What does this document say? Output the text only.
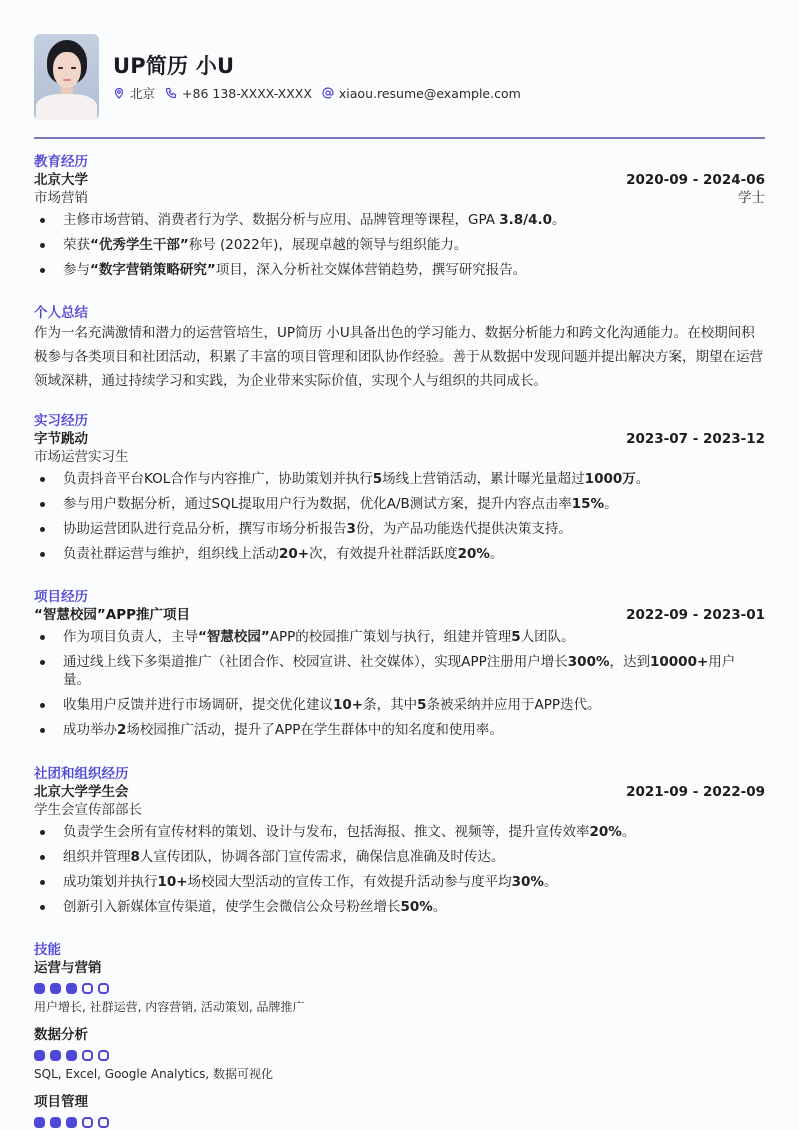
UP简历 小U
北京 +86 138-XXXX-XXXX xiaou.resume@example.com
教育经历
北京大学	2020-09 - 2024-06
市场营销	学士
主修市场营销、消费者行为学、数据分析与应用、品牌管理等课程，GPA 3.8/4.0。
荣获“优秀学生干部”称号 (2022年)，展现卓越的领导与组织能力。
参与“数字营销策略研究”项目，深入分析社交媒体营销趋势，撰写研究报告。
个人总结
作为一名充满激情和潜力的运营管培生，UP简历 小U具备出色的学习能力、数据分析能力和跨文化沟通能力。在校期间积极参与各类项目和社团活动，积累了丰富的项目管理和团队协作经验。善于从数据中发现问题并提出解决方案，期望在运营领域深耕，通过持续学习和实践，为企业带来实际价值，实现个人与组织的共同成长。
实习经历
字节跳动	2023-07 - 2023-12
市场运营实习生
负责抖音平台KOL合作与内容推广，协助策划并执行5场线上营销活动，累计曝光量超过1000万。
参与用户数据分析，通过SQL提取用户行为数据，优化A/B测试方案，提升内容点击率15%。
协助运营团队进行竞品分析，撰写市场分析报告3份，为产品功能迭代提供决策支持。
负责社群运营与维护，组织线上活动20+次，有效提升社群活跃度20%。
项目经历
“智慧校园”APP推广项目	2022-09 - 2023-01
作为项目负责人，主导“智慧校园”APP的校园推广策划与执行，组建并管理5人团队。
通过线上线下多渠道推广（社团合作、校园宣讲、社交媒体），实现APP注册用户增长300%，达到10000+用户量。
收集用户反馈并进行市场调研，提交优化建议10+条，其中5条被采纳并应用于APP迭代。
成功举办2场校园推广活动，提升了APP在学生群体中的知名度和使用率。
社团和组织经历
北京大学学生会	2021-09 - 2022-09
学生会宣传部部长
负责学生会所有宣传材料的策划、设计与发布，包括海报、推文、视频等，提升宣传效率20%。
组织并管理8人宣传团队，协调各部门宣传需求，确保信息准确及时传达。
成功策划并执行10+场校园大型活动的宣传工作，有效提升活动参与度平均30%。
创新引入新媒体宣传渠道，使学生会微信公众号粉丝增长50%。
技能
运营与营销
用户增长, 社群运营, 内容营销, 活动策划, 品牌推广
数据分析
SQL, Excel, Google Analytics, 数据可视化
项目管理
